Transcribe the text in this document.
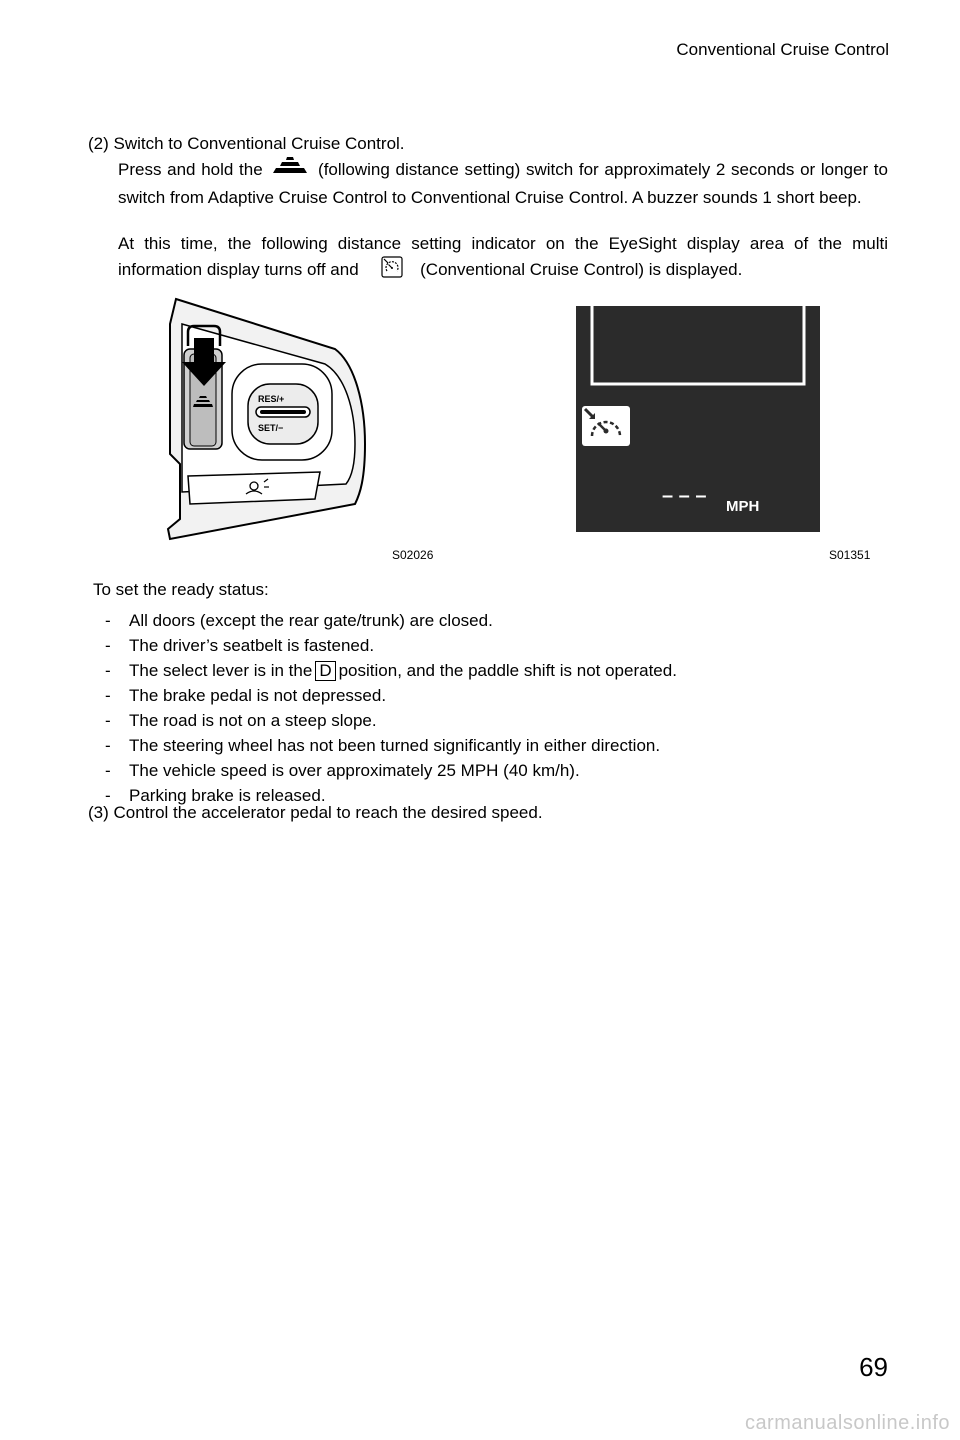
Conventional Cruise Control
(2) Switch to Conventional Cruise Control.
Press and hold the	(following distance setting) switch for approximately 2 seconds or longer to switch from Adaptive Cruise Control to Conventional Cruise Control. A buzzer sounds 1 short beep.
At this time, the following distance setting indicator on the EyeSight display area of the multi information display turns off and	(Conventional Cruise Control) is displayed.
RES/+
SET/−
S02026
– – – MPH
S01351
To set the ready status:
- All doors (except the rear gate/trunk) are closed.
- The driver’s seatbelt is fastened.
- The select lever is in the D position, and the paddle shift is not operated.
- The brake pedal is not depressed.
- The road is not on a steep slope.
- The steering wheel has not been turned significantly in either direction.
- The vehicle speed is over approximately 25 MPH (40 km/h).
- Parking brake is released.
(3) Control the accelerator pedal to reach the desired speed.
69
carmanualsonline.info
